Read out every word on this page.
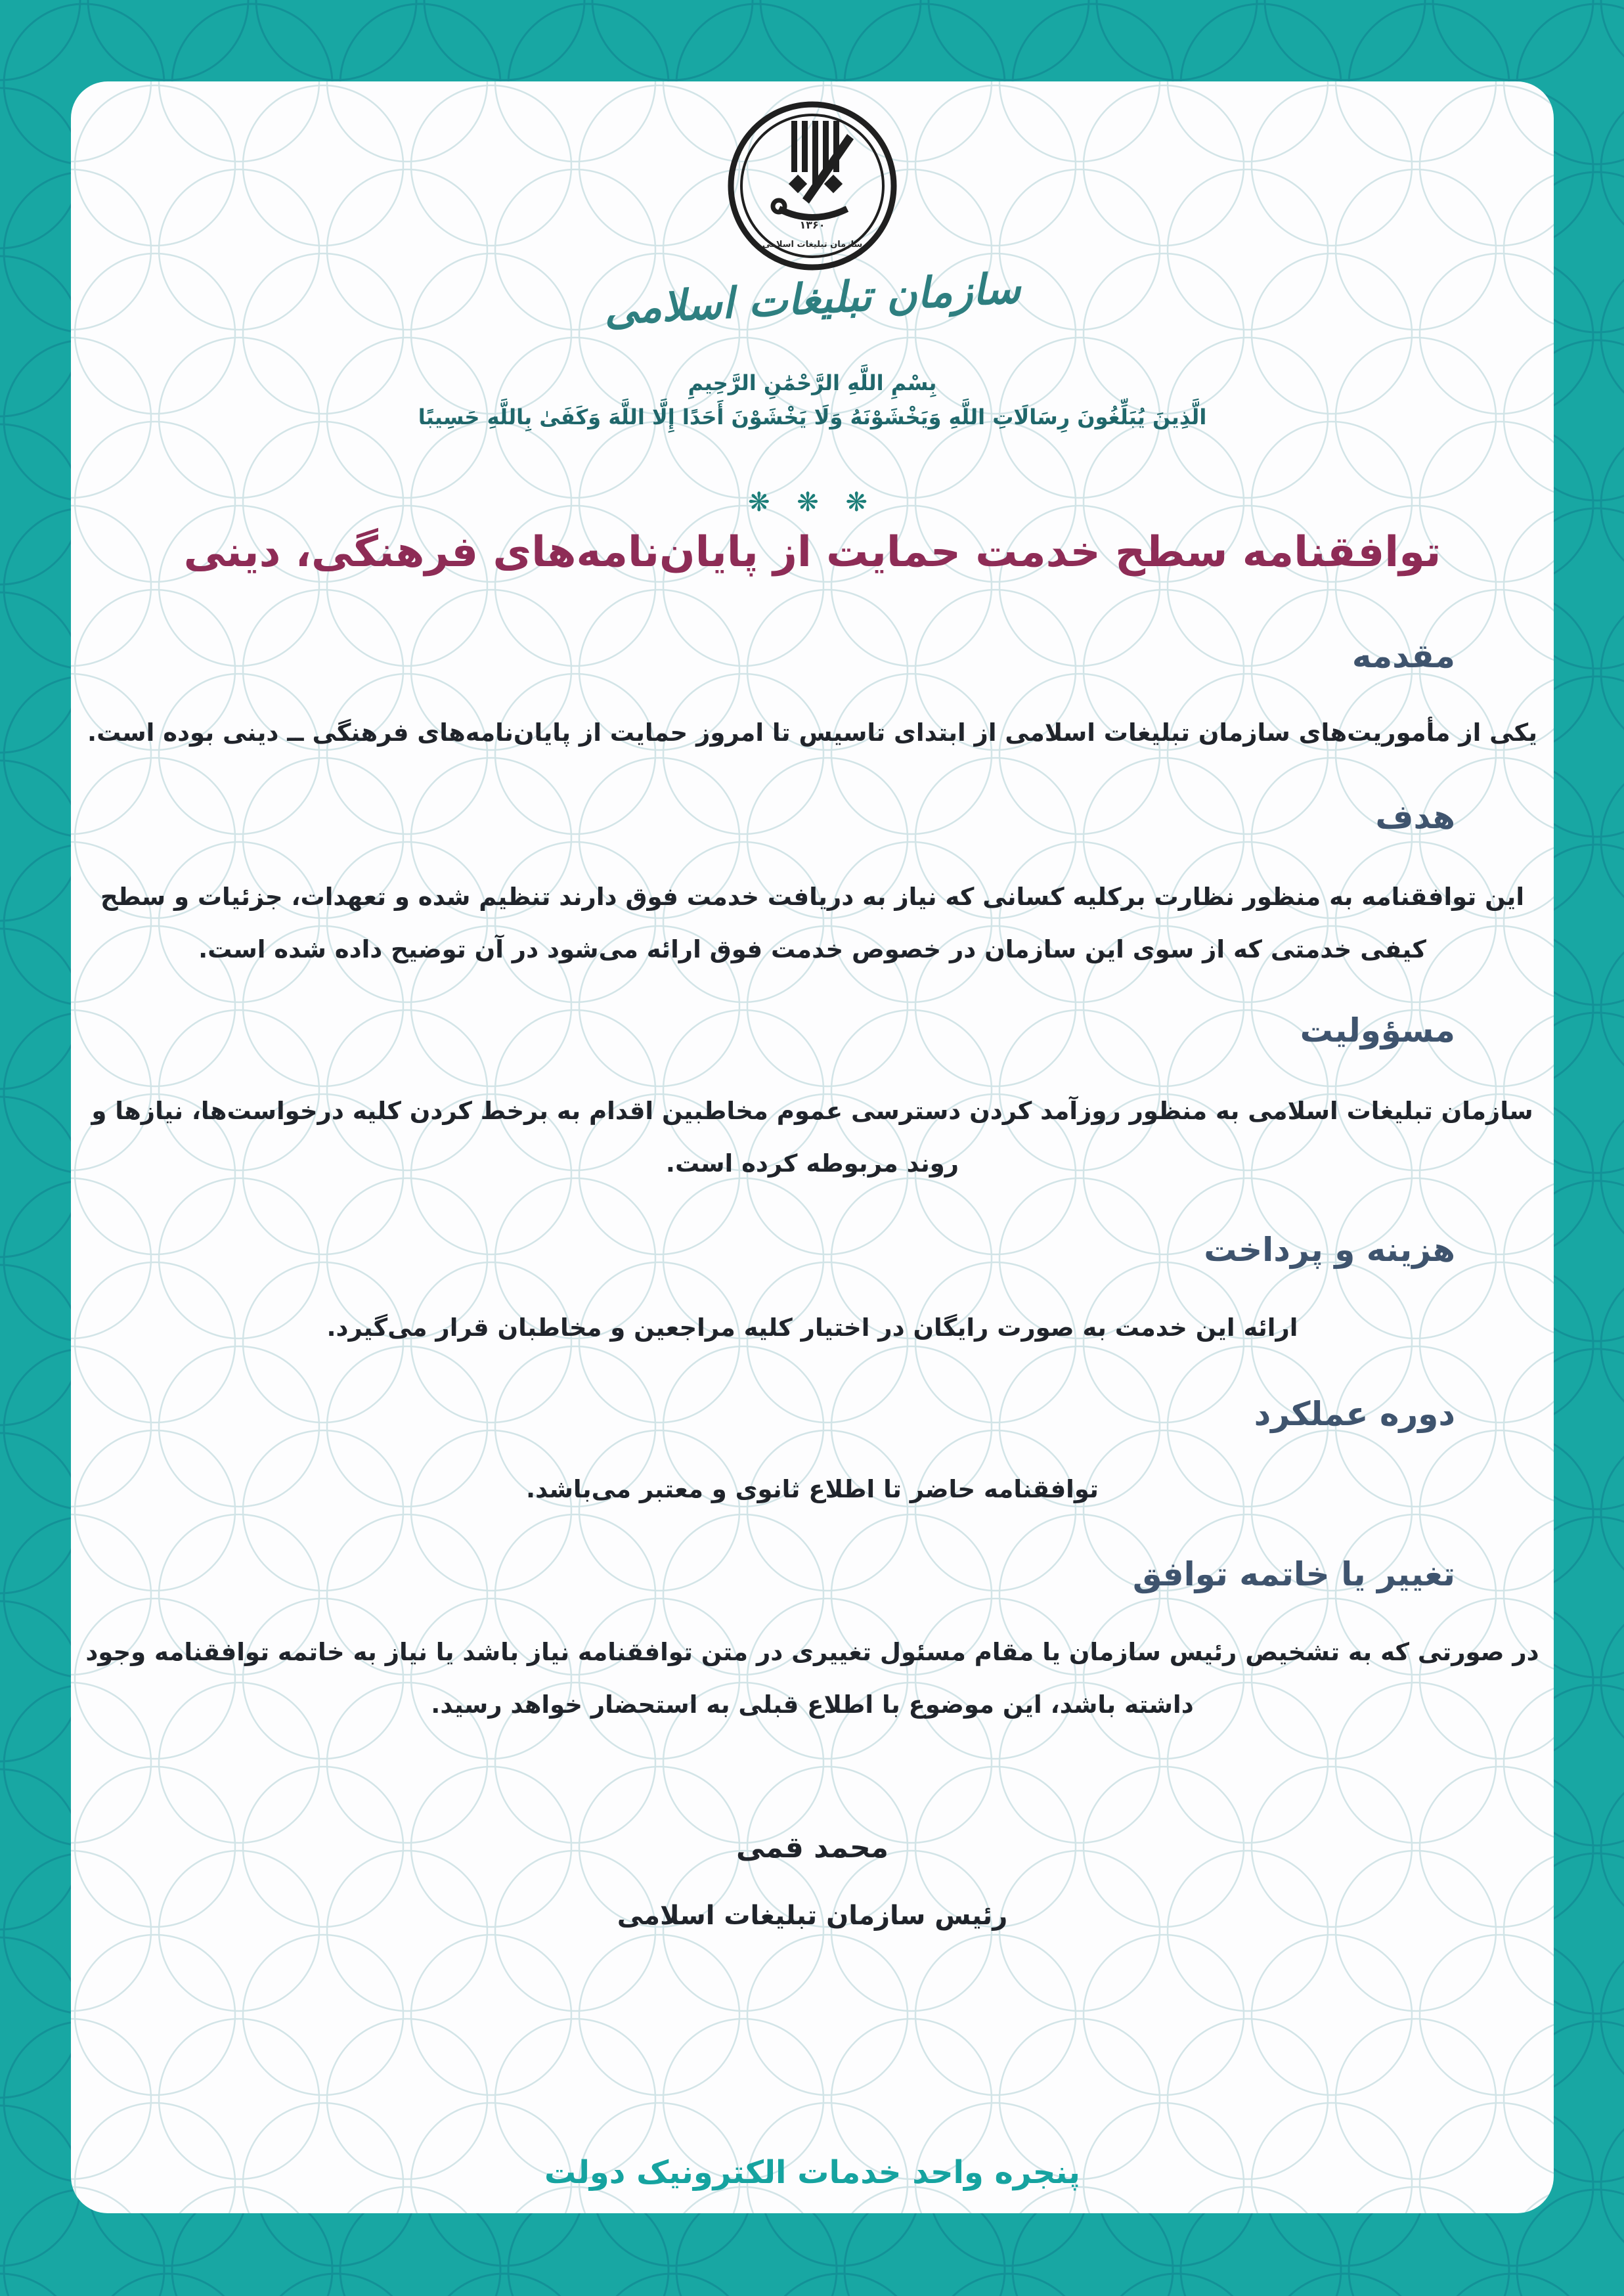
۱۳۶۰
سازمان تبلیغات اسلامی
سازمان تبلیغات اسلامی
بِسْمِ اللَّهِ الرَّحْمَٰنِ الرَّحِيمِ
الَّذِينَ يُبَلِّغُونَ رِسَالَاتِ اللَّهِ وَيَخْشَوْنَهُ وَلَا يَخْشَوْنَ أَحَدًا إِلَّا اللَّهَ وَكَفَىٰ بِاللَّهِ حَسِيبًا
❋ ❋ ❋
توافقنامه سطح خدمت حمایت از پایان‌نامه‌های فرهنگی، دینی
مقدمه
یکی از مأموریت‌های سازمان تبلیغات اسلامی از ابتدای تاسیس تا امروز حمایت از پایان‌نامه‌های فرهنگی ــ دینی بوده است.
هدف
این توافقنامه به منظور نظارت برکلیه کسانی که نیاز به دریافت خدمت فوق دارند تنظیم شده و تعهدات، جزئیات و سطح
کیفی خدمتی که از سوی این سازمان در خصوص خدمت فوق ارائه می‌شود در آن توضیح داده شده است.
مسؤولیت
سازمان تبلیغات اسلامی به منظور روزآمد کردن دسترسی عموم مخاطبین اقدام به برخط کردن کلیه درخواست‌ها، نیازها و
روند مربوطه کرده است.
هزینه و پرداخت
ارائه این خدمت به صورت رایگان در اختیار کلیه مراجعین و مخاطبان قرار می‌گیرد.
دوره عملکرد
توافقنامه حاضر تا اطلاع ثانوی و معتبر می‌باشد.
تغییر یا خاتمه توافق
در صورتی که به تشخیص رئیس سازمان یا مقام مسئول تغییری در متن توافقنامه نیاز باشد یا نیاز به خاتمه توافقنامه وجود
داشته باشد، این موضوع با اطلاع قبلی به استحضار خواهد رسید.
محمد قمی
رئیس سازمان تبلیغات اسلامی
پنجره واحد خدمات الکترونیک دولت
